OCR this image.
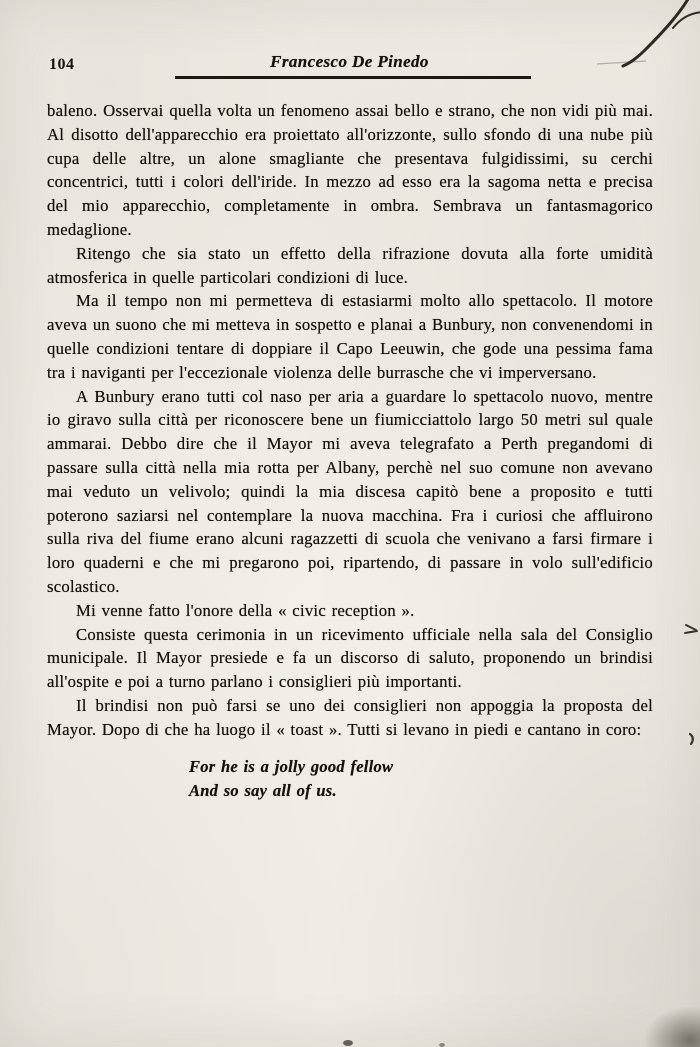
104	Francesco De Pinedo

baleno. Osservai quella volta un fenomeno assai bello e strano, che non vidi più mai. Al disotto dell'apparecchio era proiettato all'orizzonte, sullo sfondo di una nube più cupa delle altre, un alone smagliante che presentava fulgidissimi, su cerchi concentrici, tutti i colori dell'iride. In mezzo ad esso era la sagoma netta e precisa del mio apparecchio, completamente in ombra. Sembrava un fantasmagorico medaglione.

Ritengo che sia stato un effetto della rifrazione dovuta alla forte umidità atmosferica in quelle particolari condizioni di luce.

Ma il tempo non mi permetteva di estasiarmi molto allo spettacolo. Il motore aveva un suono che mi metteva in sospetto e planai a Bunbury, non convenendomi in quelle condizioni tentare di doppiare il Capo Leeuwin, che gode una pessima fama tra i naviganti per l'eccezionale violenza delle burrasche che vi imperversano.

A Bunbury erano tutti col naso per aria a guardare lo spettacolo nuovo, mentre io giravo sulla città per riconoscere bene un fiumicciattolo largo 50 metri sul quale ammarai. Debbo dire che il Mayor mi aveva telegrafato a Perth pregandomi di passare sulla città nella mia rotta per Albany, perchè nel suo comune non avevano mai veduto un velivolo; quindi la mia discesa capitò bene a proposito e tutti poterono saziarsi nel contemplare la nuova macchina. Fra i curiosi che affluirono sulla riva del fiume erano alcuni ragazzetti di scuola che venivano a farsi firmare i loro quaderni e che mi pregarono poi, ripartendo, di passare in volo sull'edificio scolastico.

Mi venne fatto l'onore della « civic reception ».

Consiste questa cerimonia in un ricevimento ufficiale nella sala del Consiglio municipale. Il Mayor presiede e fa un discorso di saluto, proponendo un brindisi all'ospite e poi a turno parlano i consiglieri più importanti.

Il brindisi non può farsi se uno dei consiglieri non appoggia la proposta del Mayor. Dopo di che ha luogo il « toast ». Tutti si levano in piedi e cantano in coro:

For he is a jolly good fellow
And so say all of us.
